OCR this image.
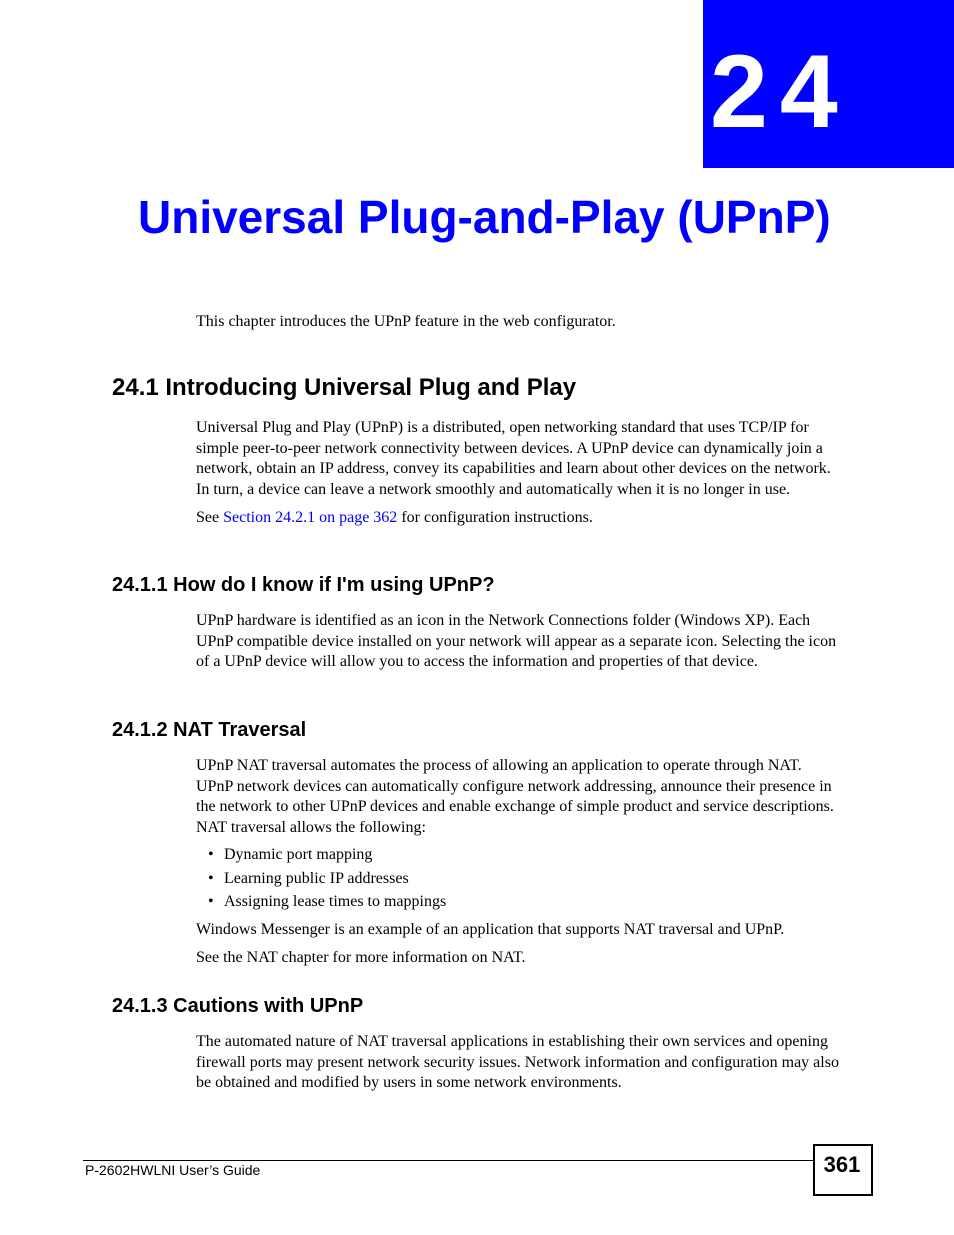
24
Universal Plug-and-Play (UPnP)

This chapter introduces the UPnP feature in the web configurator.

24.1 Introducing Universal Plug and Play

Universal Plug and Play (UPnP) is a distributed, open networking standard that uses TCP/IP for simple peer-to-peer network connectivity between devices. A UPnP device can dynamically join a network, obtain an IP address, convey its capabilities and learn about other devices on the network. In turn, a device can leave a network smoothly and automatically when it is no longer in use.

See Section 24.2.1 on page 362 for configuration instructions.

24.1.1 How do I know if I'm using UPnP?

UPnP hardware is identified as an icon in the Network Connections folder (Windows XP). Each UPnP compatible device installed on your network will appear as a separate icon. Selecting the icon of a UPnP device will allow you to access the information and properties of that device.

24.1.2 NAT Traversal

UPnP NAT traversal automates the process of allowing an application to operate through NAT. UPnP network devices can automatically configure network addressing, announce their presence in the network to other UPnP devices and enable exchange of simple product and service descriptions. NAT traversal allows the following:

• Dynamic port mapping
• Learning public IP addresses
• Assigning lease times to mappings

Windows Messenger is an example of an application that supports NAT traversal and UPnP.

See the NAT chapter for more information on NAT.

24.1.3 Cautions with UPnP

The automated nature of NAT traversal applications in establishing their own services and opening firewall ports may present network security issues. Network information and configuration may also be obtained and modified by users in some network environments.

P-2602HWLNI User’s Guide	361
